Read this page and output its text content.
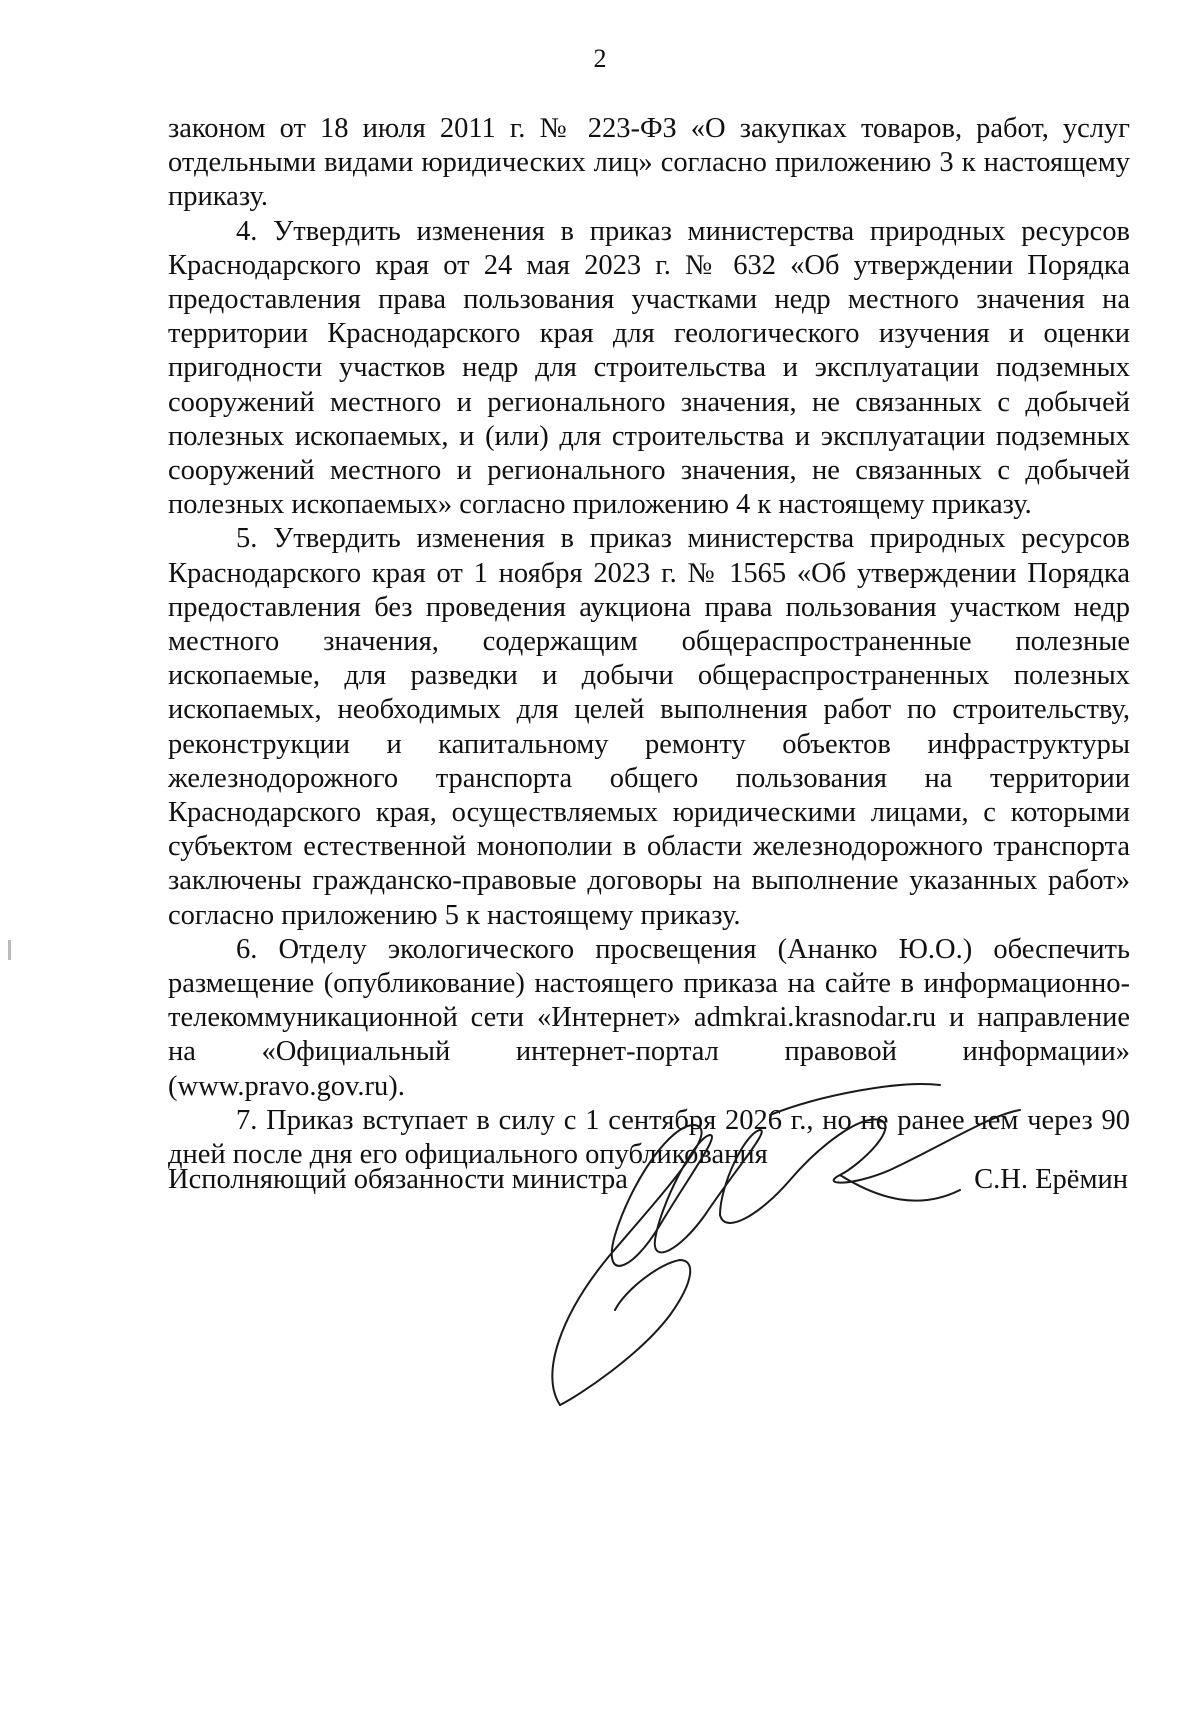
2

законом от 18 июля 2011 г. № 223-ФЗ «О закупках товаров, работ, услуг отдельными видами юридических лиц» согласно приложению 3 к настоящему приказу.

4. Утвердить изменения в приказ министерства природных ресурсов Краснодарского края от 24 мая 2023 г. № 632 «Об утверждении Порядка предоставления права пользования участками недр местного значения на территории Краснодарского края для геологического изучения и оценки пригодности участков недр для строительства и эксплуатации подземных сооружений местного и регионального значения, не связанных с добычей полезных ископаемых, и (или) для строительства и эксплуатации подземных сооружений местного и регионального значения, не связанных с добычей полезных ископаемых» согласно приложению 4 к настоящему приказу.

5. Утвердить изменения в приказ министерства природных ресурсов Краснодарского края от 1 ноября 2023 г. № 1565 «Об утверждении Порядка предоставления без проведения аукциона права пользования участком недр местного значения, содержащим общераспространенные полезные ископаемые, для разведки и добычи общераспространенных полезных ископаемых, необходимых для целей выполнения работ по строительству, реконструкции и капитальному ремонту объектов инфраструктуры железнодорожного транспорта общего пользования на территории Краснодарского края, осуществляемых юридическими лицами, с которыми субъектом естественной монополии в области железнодорожного транспорта заключены гражданско-правовые договоры на выполнение указанных работ» согласно приложению 5 к настоящему приказу.

6. Отделу экологического просвещения (Ананко Ю.О.) обеспечить размещение (опубликование) настоящего приказа на сайте в информационно-телекоммуникационной сети «Интернет» admkrai.krasnodar.ru и направление на «Официальный интернет-портал правовой информации» (www.pravo.gov.ru).

7. Приказ вступает в силу с 1 сентября 2026 г., но не ранее чем через 90 дней после дня его официального опубликования

Исполняющий обязанности министра	С.Н. Ерёмин
